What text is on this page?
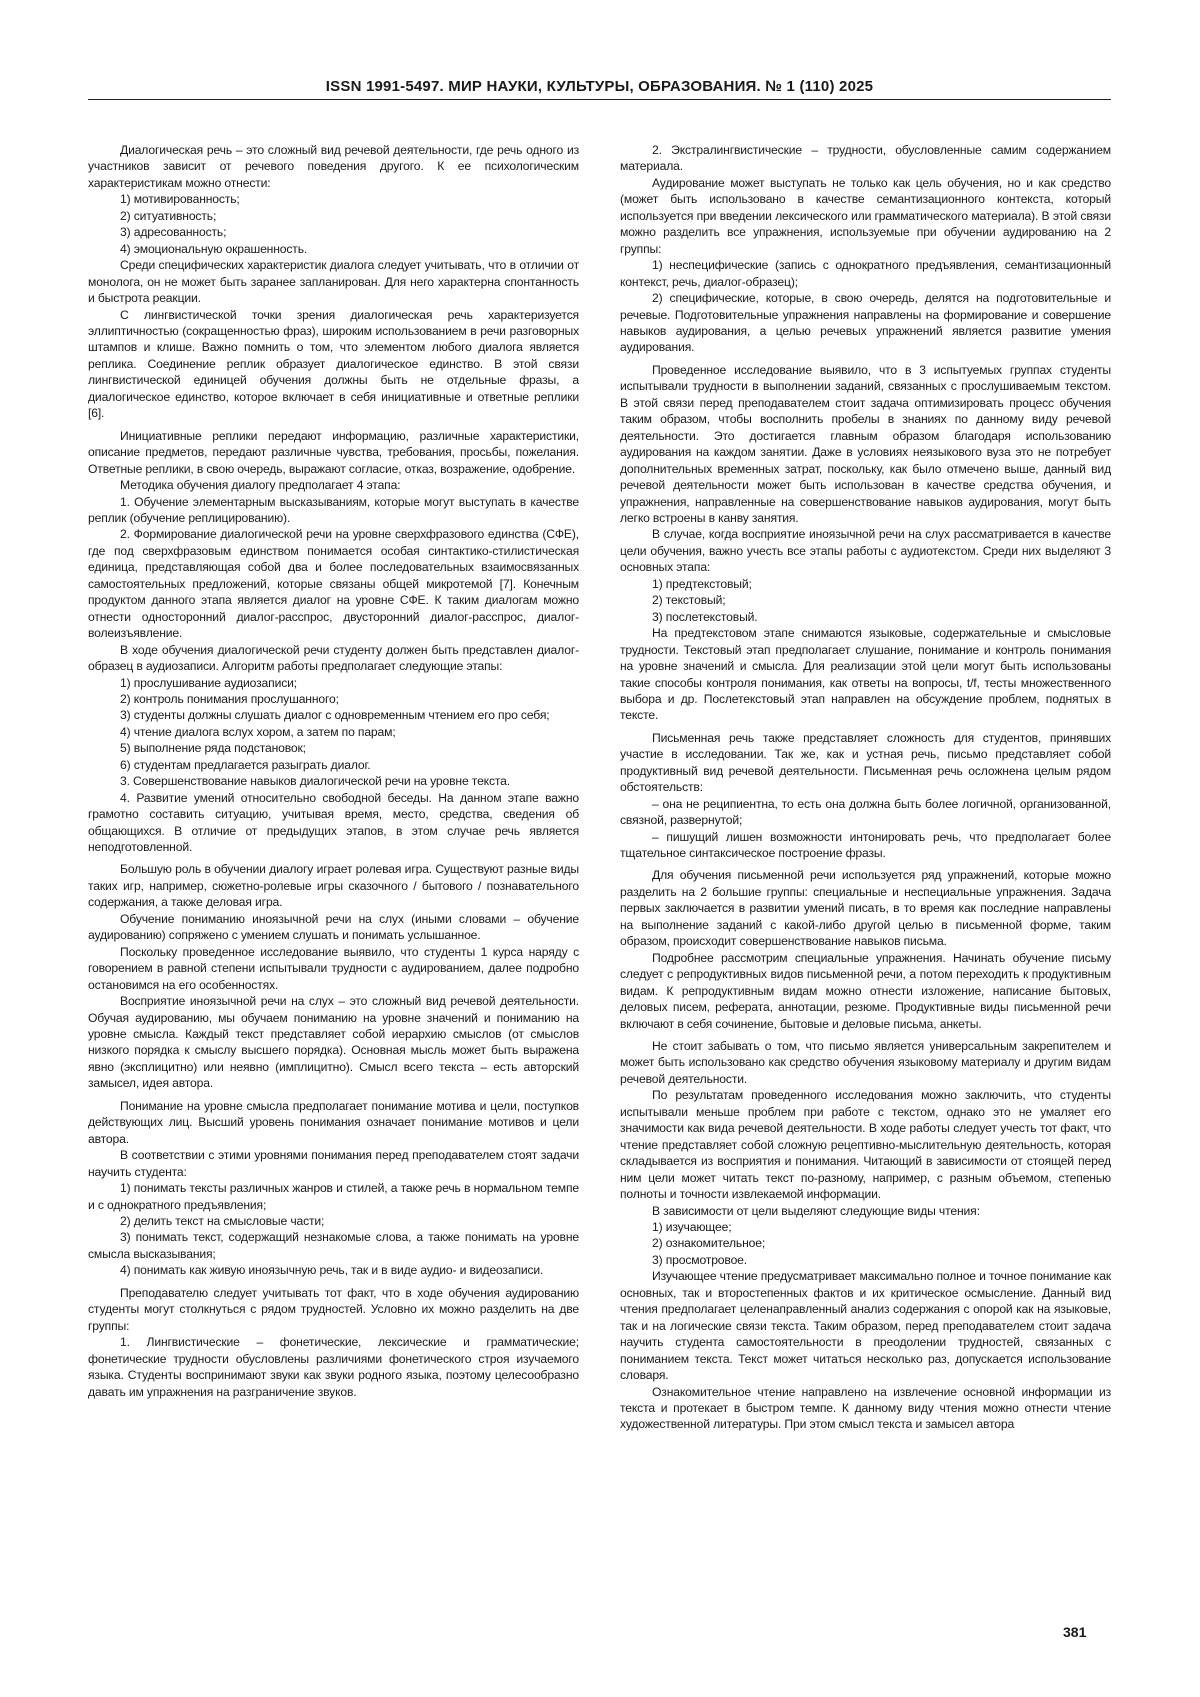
ISSN 1991-5497. МИР НАУКИ, КУЛЬТУРЫ, ОБРАЗОВАНИЯ. № 1 (110) 2025

Диалогическая речь – это сложный вид речевой деятельности, где речь одного из участников зависит от речевого поведения другого. К ее психологическим характеристикам можно отнести:

1) мотивированность;

2) ситуативность;

3) адресованность;

4) эмоциональную окрашенность.

Среди специфических характеристик диалога следует учитывать, что в отличии от монолога, он не может быть заранее запланирован. Для него характерна спонтанность и быстрота реакции.

С лингвистической точки зрения диалогическая речь характеризуется эллиптичностью (сокращенностью фраз), широким использованием в речи разговорных штампов и клише. Важно помнить о том, что элементом любого диалога является реплика. Соединение реплик образует диалогическое единство. В этой связи лингвистической единицей обучения должны быть не отдельные фразы, а диалогическое единство, которое включает в себя инициативные и ответные реплики [6].

Инициативные реплики передают информацию, различные характеристики, описание предметов, передают различные чувства, требования, просьбы, пожелания. Ответные реплики, в свою очередь, выражают согласие, отказ, возражение, одобрение.

Методика обучения диалогу предполагает 4 этапа:

1. Обучение элементарным высказываниям, которые могут выступать в качестве реплик (обучение реплицированию).

2. Формирование диалогической речи на уровне сверхфразового единства (СФЕ), где под сверхфразовым единством понимается особая синтактико-стилистическая единица, представляющая собой два и более последовательных взаимосвязанных самостоятельных предложений, которые связаны общей микротемой [7]. Конечным продуктом данного этапа является диалог на уровне СФЕ. К таким диалогам можно отнести односторонний диалог-расспрос, двусторонний диалог-расспрос, диалог-волеизъявление.

В ходе обучения диалогической речи студенту должен быть представлен диалог-образец в аудиозаписи. Алгоритм работы предполагает следующие этапы:

1) прослушивание аудиозаписи;

2) контроль понимания прослушанного;

3) студенты должны слушать диалог с одновременным чтением его про себя;

4) чтение диалога вслух хором, а затем по парам;

5) выполнение ряда подстановок;

6) студентам предлагается разыграть диалог.

3. Совершенствование навыков диалогической речи на уровне текста.

4. Развитие умений относительно свободной беседы. На данном этапе важно грамотно составить ситуацию, учитывая время, место, средства, сведения об общающихся. В отличие от предыдущих этапов, в этом случае речь является неподготовленной.

Большую роль в обучении диалогу играет ролевая игра. Существуют разные виды таких игр, например, сюжетно-ролевые игры сказочного / бытового / познавательного содержания, а также деловая игра.

Обучение пониманию иноязычной речи на слух (иными словами – обучение аудированию) сопряжено с умением слушать и понимать услышанное.

Поскольку проведенное исследование выявило, что студенты 1 курса наряду с говорением в равной степени испытывали трудности с аудированием, далее подробно остановимся на его особенностях.

Восприятие иноязычной речи на слух – это сложный вид речевой деятельности. Обучая аудированию, мы обучаем пониманию на уровне значений и пониманию на уровне смысла. Каждый текст представляет собой иерархию смыслов (от смыслов низкого порядка к смыслу высшего порядка). Основная мысль может быть выражена явно (эксплицитно) или неявно (имплицитно). Смысл всего текста – есть авторский замысел, идея автора.

Понимание на уровне смысла предполагает понимание мотива и цели, поступков действующих лиц. Высший уровень понимания означает понимание мотивов и цели автора.

В соответствии с этими уровнями понимания перед преподавателем стоят задачи научить студента:

1) понимать тексты различных жанров и стилей, а также речь в нормальном темпе и с однократного предъявления;

2) делить текст на смысловые части;

3) понимать текст, содержащий незнакомые слова, а также понимать на уровне смысла высказывания;

4) понимать как живую иноязычную речь, так и в виде аудио- и видеозаписи.

Преподавателю следует учитывать тот факт, что в ходе обучения аудированию студенты могут столкнуться с рядом трудностей. Условно их можно разделить на две группы:

1. Лингвистические – фонетические, лексические и грамматические; фонетические трудности обусловлены различиями фонетического строя изучаемого языка. Студенты воспринимают звуки как звуки родного языка, поэтому целесообразно давать им упражнения на разграничение звуков.

2. Экстралингвистические – трудности, обусловленные самим содержанием материала.

Аудирование может выступать не только как цель обучения, но и как средство (может быть использовано в качестве семантизационного контекста, который используется при введении лексического или грамматического материала). В этой связи можно разделить все упражнения, используемые при обучении аудированию на 2 группы:

1) неспецифические (запись с однократного предъявления, семантизационный контекст, речь, диалог-образец);

2) специфические, которые, в свою очередь, делятся на подготовительные и речевые. Подготовительные упражнения направлены на формирование и совершение навыков аудирования, а целью речевых упражнений является развитие умения аудирования.

Проведенное исследование выявило, что в 3 испытуемых группах студенты испытывали трудности в выполнении заданий, связанных с прослушиваемым текстом. В этой связи перед преподавателем стоит задача оптимизировать процесс обучения таким образом, чтобы восполнить пробелы в знаниях по данному виду речевой деятельности. Это достигается главным образом благодаря использованию аудирования на каждом занятии. Даже в условиях неязыкового вуза это не потребует дополнительных временных затрат, поскольку, как было отмечено выше, данный вид речевой деятельности может быть использован в качестве средства обучения, и упражнения, направленные на совершенствование навыков аудирования, могут быть легко встроены в канву занятия.

В случае, когда восприятие иноязычной речи на слух рассматривается в качестве цели обучения, важно учесть все этапы работы с аудиотекстом. Среди них выделяют 3 основных этапа:

1) предтекстовый;

2) текстовый;

3) послетекстовый.

На предтекстовом этапе снимаются языковые, содержательные и смысловые трудности. Текстовый этап предполагает слушание, понимание и контроль понимания на уровне значений и смысла. Для реализации этой цели могут быть использованы такие способы контроля понимания, как ответы на вопросы, t/f, тесты множественного выбора и др. Послетекстовый этап направлен на обсуждение проблем, поднятых в тексте.

Письменная речь также представляет сложность для студентов, принявших участие в исследовании. Так же, как и устная речь, письмо представляет собой продуктивный вид речевой деятельности. Письменная речь осложнена целым рядом обстоятельств:

– она не реципиентна, то есть она должна быть более логичной, организованной, связной, развернутой;

– пишущий лишен возможности интонировать речь, что предполагает более тщательное синтаксическое построение фразы.

Для обучения письменной речи используется ряд упражнений, которые можно разделить на 2 большие группы: специальные и неспециальные упражнения. Задача первых заключается в развитии умений писать, в то время как последние направлены на выполнение заданий с какой-либо другой целью в письменной форме, таким образом, происходит совершенствование навыков письма.

Подробнее рассмотрим специальные упражнения. Начинать обучение письму следует с репродуктивных видов письменной речи, а потом переходить к продуктивным видам. К репродуктивным видам можно отнести изложение, написание бытовых, деловых писем, реферата, аннотации, резюме. Продуктивные виды письменной речи включают в себя сочинение, бытовые и деловые письма, анкеты.

Не стоит забывать о том, что письмо является универсальным закрепителем и может быть использовано как средство обучения языковому материалу и другим видам речевой деятельности.

По результатам проведенного исследования можно заключить, что студенты испытывали меньше проблем при работе с текстом, однако это не умаляет его значимости как вида речевой деятельности. В ходе работы следует учесть тот факт, что чтение представляет собой сложную рецептивно-мыслительную деятельность, которая складывается из восприятия и понимания. Читающий в зависимости от стоящей перед ним цели может читать текст по-разному, например, с разным объемом, степенью полноты и точности извлекаемой информации.

В зависимости от цели выделяют следующие виды чтения:

1) изучающее;

2) ознакомительное;

3) просмотровое.

Изучающее чтение предусматривает максимально полное и точное понимание как основных, так и второстепенных фактов и их критическое осмысление. Данный вид чтения предполагает целенаправленный анализ содержания с опорой как на языковые, так и на логические связи текста. Таким образом, перед преподавателем стоит задача научить студента самостоятельности в преодолении трудностей, связанных с пониманием текста. Текст может читаться несколько раз, допускается использование словаря.

Ознакомительное чтение направлено на извлечение основной информации из текста и протекает в быстром темпе. К данному виду чтения можно отнести чтение художественной литературы. При этом смысл текста и замысел автора

381
